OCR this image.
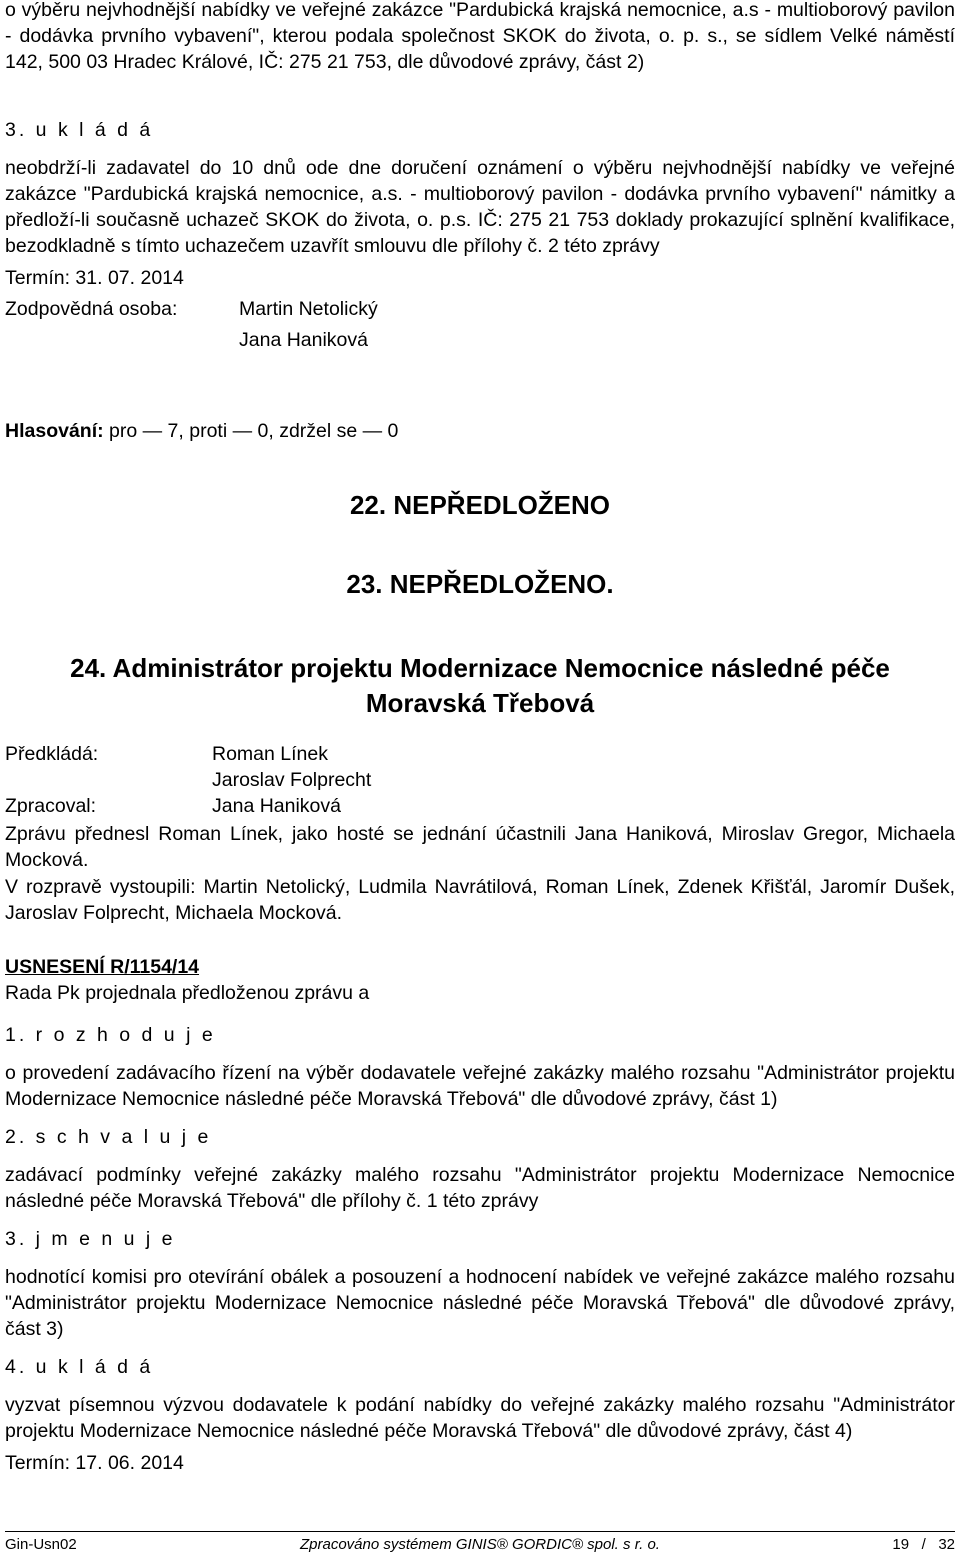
o výběru nejvhodnější nabídky ve veřejné zakázce "Pardubická krajská nemocnice, a.s - multioborový pavilon - dodávka prvního vybavení", kterou podala společnost SKOK do života, o. p. s., se sídlem Velké náměstí 142, 500 03 Hradec Králové, IČ: 275 21 753, dle důvodové zprávy, část 2)

3. u k l á d á

neobdrží-li zadavatel do 10 dnů ode dne doručení oznámení o výběru nejvhodnější nabídky ve veřejné zakázce "Pardubická krajská nemocnice, a.s. - multioborový pavilon - dodávka prvního vybavení" námitky a předloží-li současně uchazeč SKOK do života, o. p.s. IČ: 275 21 753 doklady prokazující splnění kvalifikace, bezodkladně s tímto uchazečem uzavřít smlouvu dle přílohy č. 2 této zprávy

Termín: 31. 07. 2014

Zodpovědná osoba:	Martin Netolický
Jana Haniková

Hlasování: pro — 7, proti — 0, zdržel se — 0

22. NEPŘEDLOŽENO
23. NEPŘEDLOŽENO.
24. Administrátor projektu Modernizace Nemocnice následné péče
Moravská Třebová
Předkládá:	Roman Línek
Jaroslav Folprecht
Zpracoval:	Jana Haniková

Zprávu přednesl Roman Línek, jako hosté se jednání účastnili Jana Haniková, Miroslav Gregor, Michaela Mocková.

V rozpravě vystoupili: Martin Netolický, Ludmila Navrátilová, Roman Línek, Zdenek Křišťál, Jaromír Dušek, Jaroslav Folprecht, Michaela Mocková.

USNESENÍ R/1154/14

Rada Pk projednala předloženou zprávu a

1. r o z h o d u j e

o provedení zadávacího řízení na výběr dodavatele veřejné zakázky malého rozsahu "Administrátor projektu Modernizace Nemocnice následné péče Moravská Třebová" dle důvodové zprávy, část 1)

2. s c h v a l u j e

zadávací podmínky veřejné zakázky malého rozsahu "Administrátor projektu Modernizace Nemocnice následné péče Moravská Třebová" dle přílohy č. 1 této zprávy

3. j m e n u j e

hodnotící komisi pro otevírání obálek a posouzení a hodnocení nabídek ve veřejné zakázce malého rozsahu "Administrátor projektu Modernizace Nemocnice následné péče Moravská Třebová" dle důvodové zprávy, část 3)

4. u k l á d á

vyzvat písemnou výzvou dodavatele k podání nabídky do veřejné zakázky malého rozsahu "Administrátor projektu Modernizace Nemocnice následné péče Moravská Třebová" dle důvodové zprávy, část 4)

Termín: 17. 06. 2014

Gin-Usn02	Zpracováno systémem GINIS® GORDIC® spol. s r. o.	19 / 32
